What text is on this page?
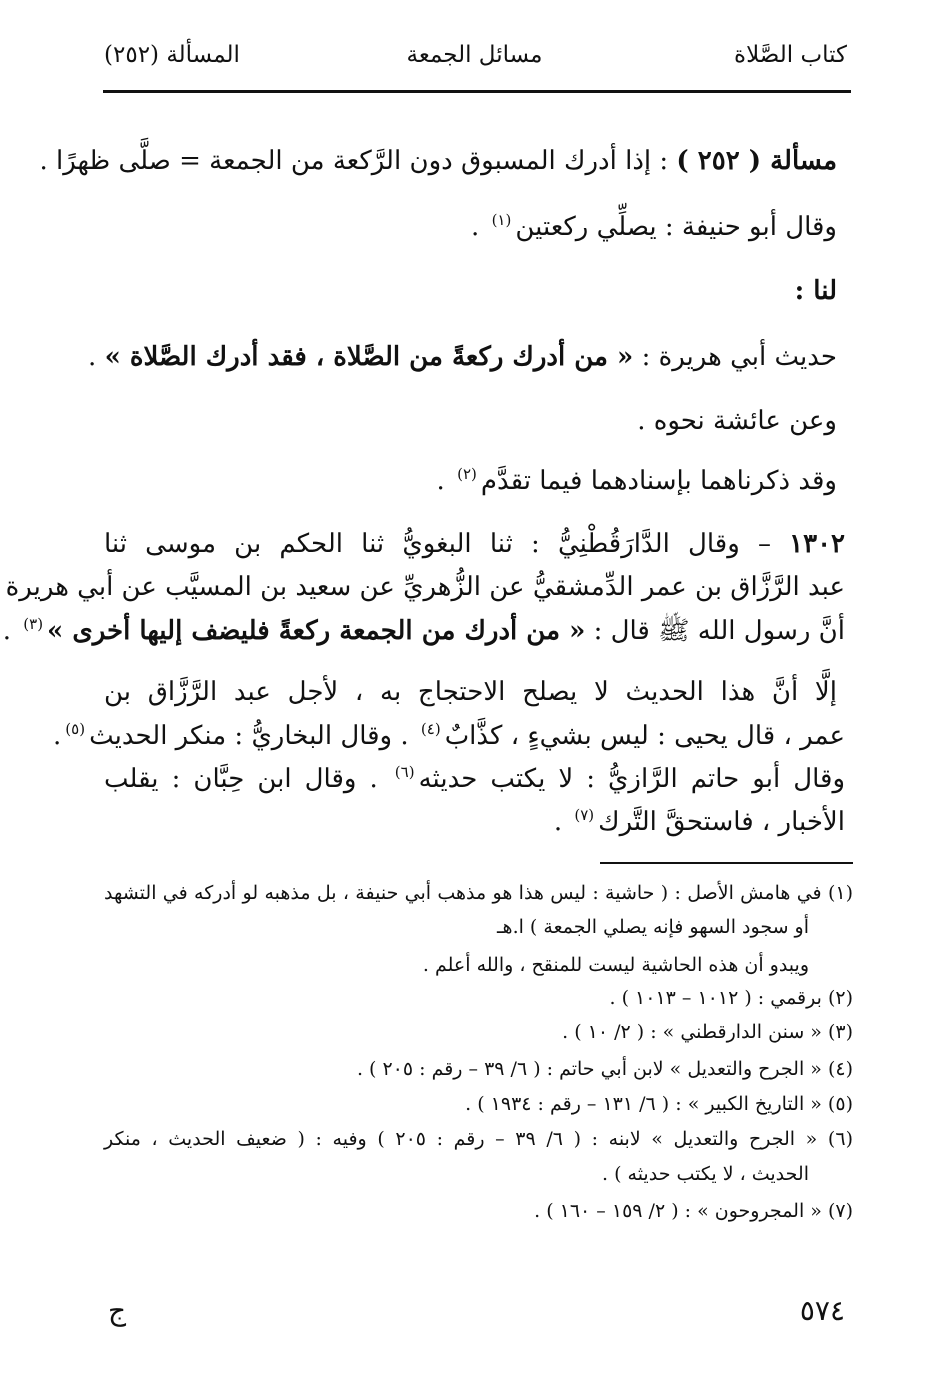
كتاب الصَّلاة
مسائل الجمعة
المسألة (٢٥٢)
مسألة ( ٢٥٢ ) : إذا أدرك المسبوق دون الرَّكعة من الجمعة = صلَّى ظهرًا .
وقال أبو حنيفة : يصلِّي ركعتين$^{(١)}$ .
لنا :
حديث أبي هريرة : « من أدرك ركعةً من الصَّلاة ، فقد أدرك الصَّلاة » .
وعن عائشة نحوه .
وقد ذكرناهما بإسنادهما فيما تقدَّم$^{(٢)}$ .
١٣٠٢ – وقال الدَّارَقُطْنِيُّ : ثنا البغويُّ ثنا الحكم بن موسى ثنا
عبد الرَّزَّاق بن عمر الدِّمشقيُّ عن الزُّهريِّ عن سعيد بن المسيَّب عن أبي هريرة
أنَّ رسول الله ﷺ قال : « من أدرك من الجمعة ركعةً فليضف إليها أخرى »$^{(٣)}$ .
إلَّا أنَّ هذا الحديث لا يصلح الاحتجاج به ، لأجل عبد الرَّزَّاق بن
عمر ، قال يحيى : ليس بشيءٍ ، كذَّابٌ$^{(٤)}$ . وقال البخاريُّ : منكر الحديث$^{(٥)}$.
وقال أبو حاتم الرَّازيُّ : لا يكتب حديثه$^{(٦)}$ . وقال ابن حِبَّان : يقلب
الأخبار ، فاستحقَّ التَّرك$^{(٧)}$ .
(١) في هامش الأصل : ( حاشية : ليس هذا هو مذهب أبي حنيفة ، بل مذهبه لو أدركه في التشهد
أو سجود السهو فإنه يصلي الجمعة ) ا.هـ
ويبدو أن هذه الحاشية ليست للمنقح ، والله أعلم .
(٢) برقمي : ( ١٠١٢ – ١٠١٣ ) .
(٣) « سنن الدارقطني » : ( ٢/ ١٠ ) .
(٤) « الجرح والتعديل » لابن أبي حاتم : ( ٦/ ٣٩ – رقم : ٢٠٥ ) .
(٥) « التاريخ الكبير » : ( ٦/ ١٣١ – رقم : ١٩٣٤ ) .
(٦) « الجرح والتعديل » لابنه : ( ٦/ ٣٩ – رقم : ٢٠٥ ) وفيه : ( ضعيف الحديث ، منكر
الحديث ، لا يكتب حديثه ) .
(٧) « المجروحون » : ( ٢/ ١٥٩ – ١٦٠ ) .
٥٧٤
ج
